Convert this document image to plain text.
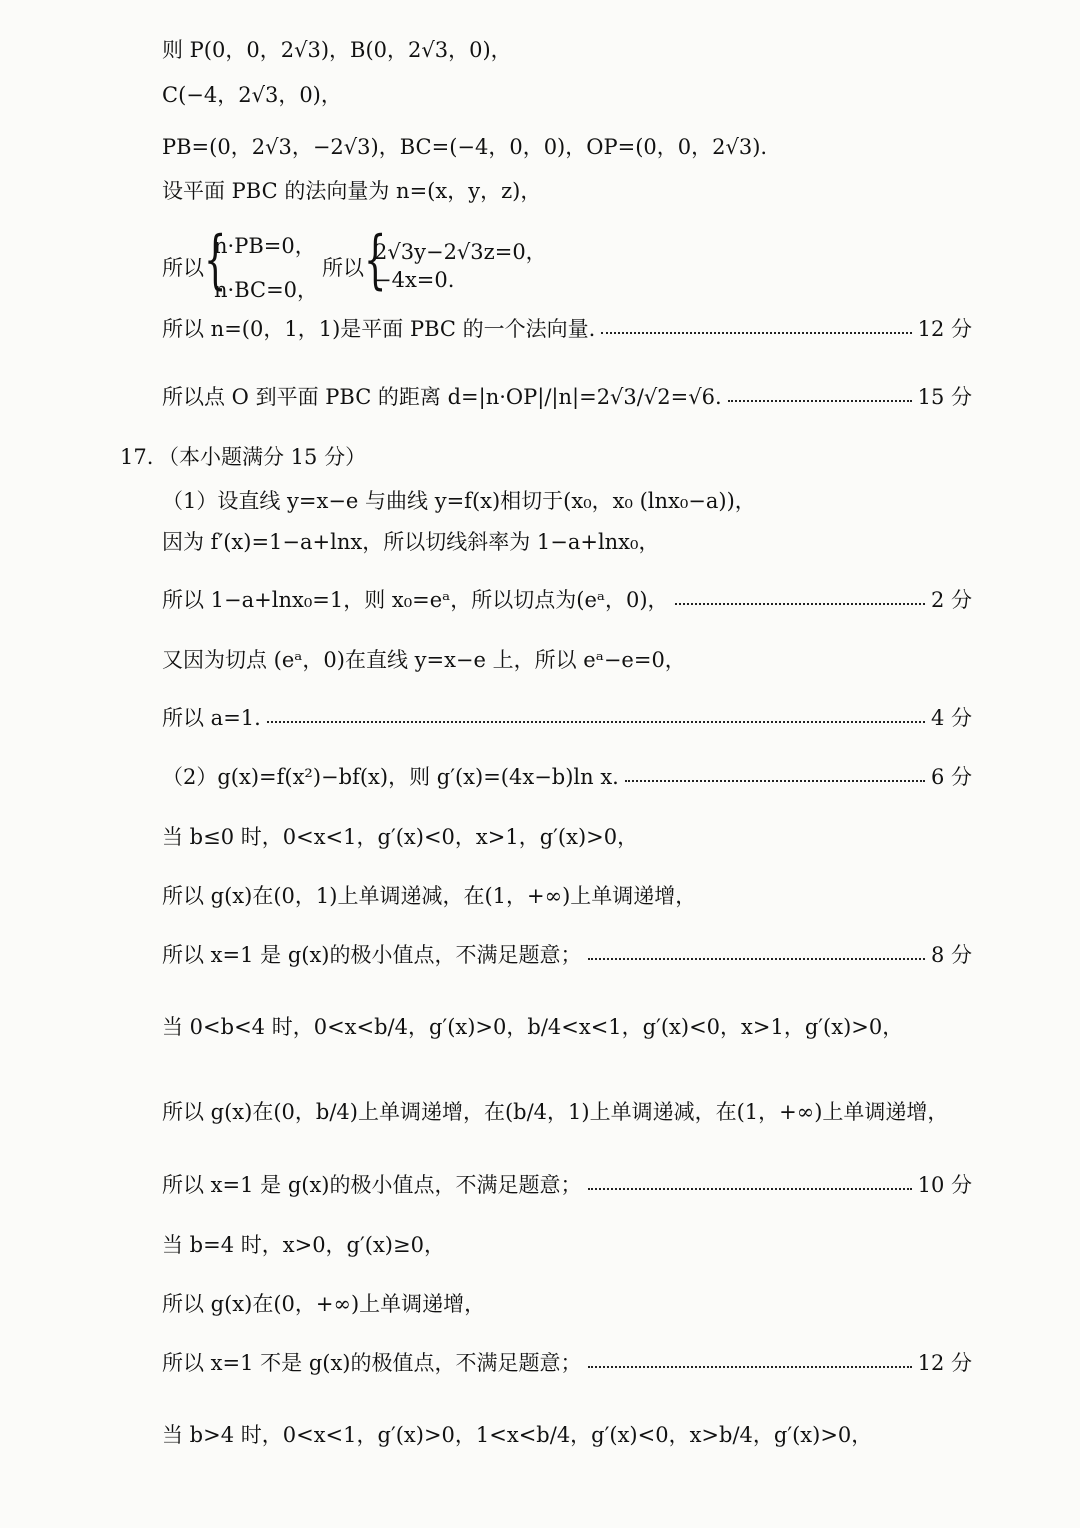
则 P(0，0，2√3)，B(0，2√3，0)，
C(−4，2√3，0)，
PB=(0，2√3，−2√3)，BC=(−4，0，0)，OP=(0，0，2√3).
设平面 PBC 的法向量为 n=(x，y，z)，
所以 {
n·PB=0，
n·BC=0，
所以 {
2√3y−2√3z=0，
−4x=0.
所以 n=(0，1，1)是平面 PBC 的一个法向量.	12 分
所以点 O 到平面 PBC 的距离 d=|n·OP|/|n|=2√3/√2=√6.	15 分
17. （本小题满分 15 分）
（1）设直线 y=x−e 与曲线 y=f(x)相切于(x₀，x₀ (lnx₀−a))，
因为 f′(x)=1−a+lnx，所以切线斜率为 1−a+lnx₀，
所以 1−a+lnx₀=1，则 x₀=eᵃ，所以切点为(eᵃ，0)，	2 分
又因为切点 (eᵃ，0)在直线 y=x−e 上，所以 eᵃ−e=0，
所以 a=1.	4 分
（2）g(x)=f(x²)−bf(x)，则 g′(x)=(4x−b)ln x.	6 分
当 b≤0 时，0<x<1，g′(x)<0，x>1，g′(x)>0，
所以 g(x)在(0，1)上单调递减，在(1，+∞)上单调递增，
所以 x=1 是 g(x)的极小值点，不满足题意；	8 分
当 0<b<4 时，0<x<b/4，g′(x)>0，b/4<x<1，g′(x)<0，x>1，g′(x)>0，
所以 g(x)在(0，b/4)上单调递增，在(b/4，1)上单调递减，在(1，+∞)上单调递增，
所以 x=1 是 g(x)的极小值点，不满足题意；	10 分
当 b=4 时，x>0，g′(x)≥0，
所以 g(x)在(0，+∞)上单调递增，
所以 x=1 不是 g(x)的极值点，不满足题意；	12 分
当 b>4 时，0<x<1，g′(x)>0，1<x<b/4，g′(x)<0，x>b/4，g′(x)>0，
